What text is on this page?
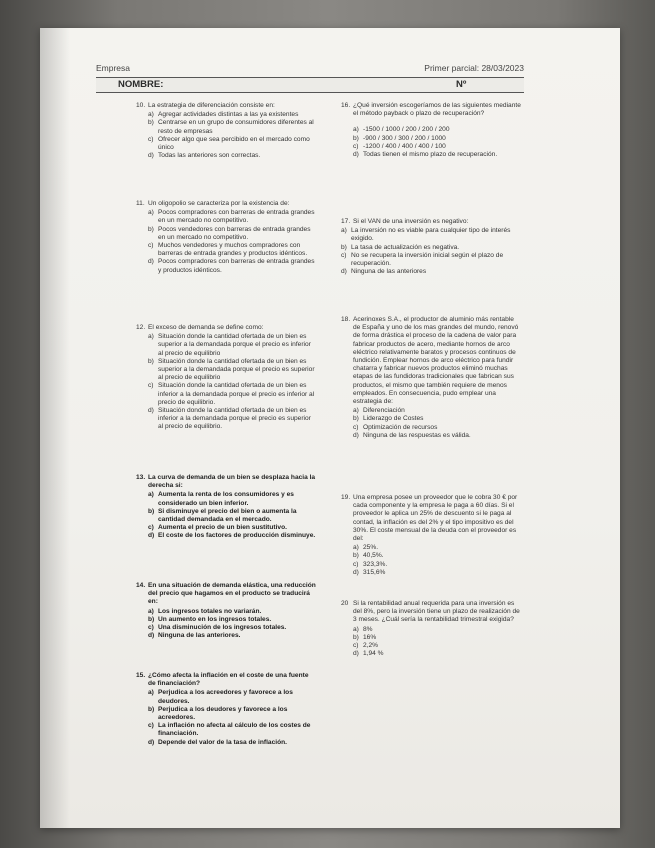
Empresa	Primer parcial: 28/03/2023
NOMBRE:	Nº
10. La estrategia de diferenciación consiste en:
a) Agregar actividades distintas a las ya existentes
b) Centrarse en un grupo de consumidores diferentes al resto de empresas
c) Ofrecer algo que sea percibido en el mercado como único
d) Todas las anteriores son correctas.
11. Un oligopolio se caracteriza por la existencia de:
a) Pocos compradores con barreras de entrada grandes en un mercado no competitivo.
b) Pocos vendedores con barreras de entrada grandes en un mercado no competitivo.
c) Muchos vendedores y muchos compradores con barreras de entrada grandes y productos idénticos.
d) Pocos compradores con barreras de entrada grandes y productos idénticos.
12. El exceso de demanda se define como:
a) Situación donde la cantidad ofertada de un bien es superior a la demandada porque el precio es inferior al precio de equilibrio
b) Situación donde la cantidad ofertada de un bien es superior a la demandada porque el precio es superior al precio de equilibrio
c) Situación donde la cantidad ofertada de un bien es inferior a la demandada porque el precio es inferior al precio de equilibrio.
d) Situación donde la cantidad ofertada de un bien es inferior a la demandada porque el precio es superior al precio de equilibrio.
13. La curva de demanda de un bien se desplaza hacia la derecha si:
a) Aumenta la renta de los consumidores y es considerado un bien inferior.
b) Si disminuye el precio del bien o aumenta la cantidad demandada en el mercado.
c) Aumenta el precio de un bien sustitutivo.
d) El coste de los factores de producción disminuye.
14. En una situación de demanda elástica, una reducción del precio que hagamos en el producto se traducirá en:
a) Los ingresos totales no variarán.
b) Un aumento en los ingresos totales.
c) Una disminución de los ingresos totales.
d) Ninguna de las anteriores.
15. ¿Cómo afecta la inflación en el coste de una fuente de financiación?
a) Perjudica a los acreedores y favorece a los deudores.
b) Perjudica a los deudores y favorece a los acreedores.
c) La inflación no afecta al cálculo de los costes de financiación.
d) Depende del valor de la tasa de inflación.
16. ¿Qué inversión escogeríamos de las siguientes mediante el método payback o plazo de recuperación?
a) -1500 / 1000 / 200 / 200 / 200
b) -900 / 300 / 300 / 200 / 1000
c) -1200 / 400 / 400 / 400 / 100
d) Todas tienen el mismo plazo de recuperación.
17. Si el VAN de una inversión es negativo:
a) La inversión no es viable para cualquier tipo de interés exigido.
b) La tasa de actualización es negativa.
c) No se recupera la inversión inicial según el plazo de recuperación.
d) Ninguna de las anteriores
18. Acerinoxes S.A., el productor de aluminio más rentable de España y uno de los mas grandes del mundo, renovó de forma drástica el proceso de la cadena de valor para fabricar productos de acero, mediante hornos de arco eléctrico relativamente baratos y procesos continuos de fundición. Emplear hornos de arco eléctrico para fundir chatarra y fabricar nuevos productos eliminó muchas etapas de las fundidoras tradicionales que fabrican sus productos, el mismo que también requiere de menos empleados. En consecuencia, pudo emplear una estrategia de:
a) Diferenciación
b) Liderazgo de Costes
c) Optimización de recursos
d) Ninguna de las respuestas es válida.
19. Una empresa posee un proveedor que le cobra 30 € por cada componente y la empresa le paga a 60 días. Si el proveedor le aplica un 25% de descuento si le paga al contad, la inflación es del 2% y el tipo impositivo es del 30%. El coste mensual de la deuda con el proveedor es del:
a) 25%.
b) 40,5%.
c) 323,3%.
d) 315,6%
20 Si la rentabilidad anual requerida para una inversión es del 8%, pero la inversión tiene un plazo de realización de 3 meses. ¿Cuál sería la rentabilidad trimestral exigida?
a) 8%
b) 16%
c) 2,2%
d) 1,94 %
